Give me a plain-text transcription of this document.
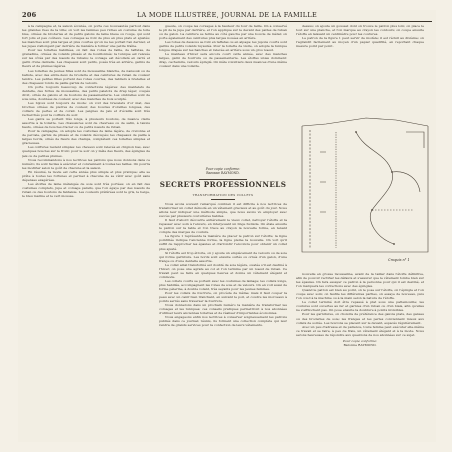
206	LA MODE ILLUSTRÉE, JOURNAL DE LA FAMILLE

à la campagne et, la saison écoulée, on porte ces nouveautés partout dans les grandes rues de la ville; on voit les femmes peu riches en costume de toile bise, ornées de broderies et de petits galons de laine bleue ou rouge, qui sont fort jolis et peu coûteux. Les corsages se font de plus en plus plats et ajustés; les manches sont plus larges et plus courtes qu'on ne les portait l'an dernier, et les jupes s'allongent par derrière de manière à former une petite traîne.

Pour les toilettes habillées, on fait des robes de faille, de taffetas, de grenadine, ornées de volants plissés et de bouillonnés; la tunique est relevée sur les côtés par des nœuds de rubans; le corsage est décolleté en carré et garni d'une dentelle. Les chapeaux sont petits, posés très en arrière, garnis de fleurs et de plumes légères.

Les toilettes de jeunes filles sont de mousseline blanche, de nansouk ou de batiste, avec des entre-deux de broderie et des ceintures de ruban de couleur tendre. Les petites filles portent des robes courtes, des tabliers à bretelles et des chapeaux ronds de paille garnis de velours.

On porte toujours beaucoup de confections légères: des mantelets de dentelle, des fichus de mousseline, des petits paletots de drap léger, coupés droit, ornés de galons et de boutons de passementerie. Les ombrelles sont de soie unie, doublées de couleur, avec des manches de bois sculpté.

Les bijoux sont toujours de mode: on voit des bracelets d'or mat, des broches ornées de pierres de couleur, des boucles d'oreilles longues, des colliers de perles et de corail. Les peignes de jais et d'écaille sont très recherchés pour la coiffure du soir.

Les gants se portent très longs, à plusieurs boutons, de nuance claire assortie à la toilette. Les chaussures sont de chevreau ou de satin, à talons hauts, ornées de boucles d'acier ou de petits nœuds de ruban.

Pour la campagne, on adopte les costumes de laine légère, de cretonne et de percale, garnis de plissés et de volants découpés; les chapeaux de paille à larges bords, ornés de fleurs des champs, complètent ces toilettes simples et gracieuses.

Les coiffures restent simples: les cheveux sont relevés en chignon bas, avec quelques boucles sur le front; pour le soir on y mêle des fleurs, des épingles de jais ou de petites plumes.

Nous recommandons à nos lectrices les patrons que nous donnons dans ce numéro; ils sont faciles à exécuter et conviennent à toutes les tailles. On pourra les modifier selon le goût de chacune et la saison.

En résumé, la mode est cette année plus simple et plus pratique; elle se prête à toutes les fortunes et permet à chacune de se vêtir avec goût sans dépenses exagérées.

Les étoffes de laine mélangée de soie sont très portées; on en fait des costumes complets, jupe et corsage pareils, que l'on égaye par des nœuds de ruban ou des boutons de fantaisie. Les couleurs préférées sont le gris, le beige, le bleu marine et le vert mousse.

gueule, on coupe les corsages à la hauteur du tour de taille. On a conservé le pli de la jupe par derrière, et l'on applique sur le devant des pattes de ruban ou de galon. La ceinture se ferme au côté gauche par une boucle de métal; on porte également des ceintures plus larges nouées en arrière.

Les robes de dessous se font en taffetas ou en alpaga; les jupons courts sont garnis de petits volants tuyautés. Pour la toilette de visite, on adopte la tunique longue drapée sur les hanches et relevée en arrière sous un gros nœud.

Le manteau d'hiver sera encore court cette année, avec des manches larges, garni de fourrure ou de passementerie. Les étoffes unies dominent: drap, cachemire, velours épinglé. On mêle volontiers deux nuances d'une même couleur dans une toilette.

Pour copie conforme:
Baronne RAYMOND.
SECRETS PROFESSIONNELS
TRANSFORMATION DES COLLETS

Nous avons souvent remarqué combien il est difficile à nos lectrices de transformer un collet démodé en un vêtement gracieux et au goût du jour. Nous allons leur indiquer une méthode simple, que nous avons vu employer avec succès par plusieurs couturières habiles.

Il faut d'abord découdre entièrement le vieux collet, nettoyer l'étoffe et la repasser avec soin à l'envers, en interposant un linge humide. On étale ensuite le patron sur la table et l'on trace au crayon la nouvelle forme, en tenant compte des marges de couture.

La figure 1 représente la manière de placer le patron sur l'étoffe; la ligne pointillée indique l'ancienne forme, la ligne pleine la nouvelle. On voit qu'il suffit de rapprocher les épaules et d'arrondir l'encolure pour obtenir un collet plus ajusté.

Si l'étoffe est trop étroite, on y ajoute un empiècement de velours ou de soie qui forme garniture. Les bords sont ensuite ourlés ou ornés d'un galon, d'une frange ou d'une dentelle assortie.

Le collet ainsi transformé est doublé de soie légère, ouatée s'il est destiné à l'hiver; on pose une agrafe au col et l'on termine par un nœud de ruban. Ce travail peut se faire en quelques heures et donne un vêtement élégant et commode.

Les collets courts se portent avec les costumes de lainage; les collets longs, plus habillés, accompagnent les robes de soie et de velours. On en voit aussi de forme pèlerine, à double volant, très seyants pour les jeunes femmes.

Pour les collets de fourrure, on procède de même; mais il faut couper la peau avec un canif bien tranchant, en suivant le poil, et coudre les morceaux à points serrés sans traverser la fourrure.

Nous donnerons dans un prochain numéro la manière de transformer les corsages et les tuniques; ces conseils pratiques permettront à nos abonnées d'utiliser leurs anciennes toilettes et de réaliser d'importantes économies.

Nous engageons enfin nos lectrices à conserver soigneusement les patrons publiés dans ce journal; réunis, ils forment une collection complète qui leur rendra de grands services pour la confection de leurs vêtements.

dessus; on ajoute un gousset dont on trouve le patron plus loin; on place le tout sur une planche, et l'on marque au crayon les contours; on coupe ensuite l'étoffe en laissant un centimètre pour les coutures.

Le patron de la figure 1 peut servir de modèle; il est réduit au dixième; on l'agrandit facilement au moyen d'un papier quadrillé, en reportant chaque mesure point par point.

Croquis n° 1

nouvelle en grosse mousseline, avant de la tailler dans l'étoffe définitive, afin de pouvoir rectifier les défauts et s'assurer que le vêtement tombe bien sur les épaules. On fera essayer ce patron à la personne pour qui il est destiné, et l'on marquera les corrections avec des épingles.

Quand le patron est bien au point, on le pose sur l'étoffe, on l'épingle et l'on coupe avec soin; on faufile les différentes parties, on essaye de nouveau, puis l'on coud à la machine ou à la main selon la nature de l'étoffe.

Le collet terminé doit être repassé à plat sous une pattemouille; les coutures sont ouvertes au fer et garnies d'un ruban ou d'un biais, afin qu'elles ne s'effilochent pas. On pose ensuite la doublure à points invisibles.

Pour les garnitures, on choisira de préférence des galons plats, des ganses ou des broderies de soie; les franges et les perles conviennent mieux aux collets de soirée. Les boutons se placent sur le devant, espacés régulièrement.

Avec un peu d'adresse et de patience, toute femme peut exécuter elle-même ce travail et se faire, à peu de frais, un vêtement élégant et à la mode. Nous serons heureuses de répondre aux questions de nos abonnées sur ce sujet.

Pour copie conforme:
Baronne RAYMOND.
